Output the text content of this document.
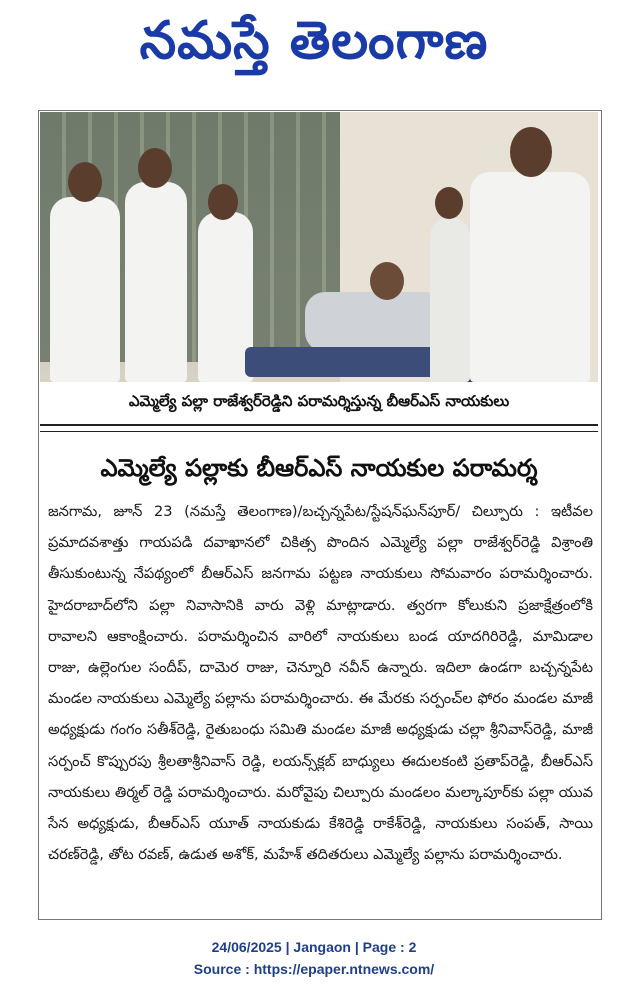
నమస్తే తెలంగాణ
ఎమ్మెల్యే పల్లా రాజేశ్వర్‌రెడ్డిని పరామర్శిస్తున్న బీఆర్‌ఎస్‌ నాయకులు
ఎమ్మెల్యే పల్లాకు బీఆర్‌ఎస్‌ నాయకుల పరామర్శ

జనగామ, జూన్‌ 23 (నమస్తే తెలంగాణ)/బచ్చన్నపేట/స్టేషన్‌ఘన్‌పూర్‌/ చిల్పూరు : ఇటీవల ప్రమాదవశాత్తు గాయపడి దవాఖానలో చికిత్స పొందిన ఎమ్మెల్యే పల్లా రాజేశ్వర్‌రెడ్డి విశ్రాంతి తీసుకుంటున్న నేపథ్యంలో బీఆర్‌ఎస్‌ జనగామ పట్టణ నాయకులు సోమవారం పరామర్శించారు. హైదరాబాద్‌లోని పల్లా నివాసానికి వారు వెళ్లి మాట్లాడారు. త్వరగా కోలుకుని ప్రజాక్షేత్రంలోకి రావాలని ఆకాంక్షించారు. పరామర్శించిన వారిలో నాయకులు బండ యాదగిరిరెడ్డి, మామిడాల రాజు, ఉల్లెంగుల సందీప్‌, దామెర రాజు, చెన్నూరి నవీన్‌ ఉన్నారు. ఇదిలా ఉండగా బచ్చన్నపేట మండల నాయకులు ఎమ్మెల్యే పల్లాను పరామర్శించారు. ఈ మేరకు సర్పంచ్‌ల ఫోరం మండల మాజీ అధ్యక్షుడు గంగం సతీశ్‌రెడ్డి, రైతుబంధు సమితి మండల మాజీ అధ్యక్షుడు చల్లా శ్రీనివాస్‌రెడ్డి, మాజీ సర్పంచ్‌ కొప్పురపు శ్రీలతాశ్రీనివాస్‌ రెడ్డి, లయన్స్‌క్లబ్‌ బాధ్యులు ఈదులకంటి ప్రతాప్‌రెడ్డి, బీఆర్‌ఎస్‌ నాయకులు తిర్మల్‌ రెడ్డి పరామర్శించారు. మరోవైపు చిల్పూరు మండలం మల్కాపూర్‌కు పల్లా యువ సేన అధ్యక్షుడు, బీఆర్‌ఎస్‌ యూత్‌ నాయకుడు కేశిరెడ్డి రాకేశ్‌రెడ్డి, నాయకులు సంపత్‌, సాయి చరణ్‌రెడ్డి, తోట రవణ్‌, ఉడుత అశోక్‌, మహేశ్‌ తదితరులు ఎమ్మెల్యే పల్లాను పరామర్శించారు.

24/06/2025 | Jangaon | Page : 2
Source : https://epaper.ntnews.com/
